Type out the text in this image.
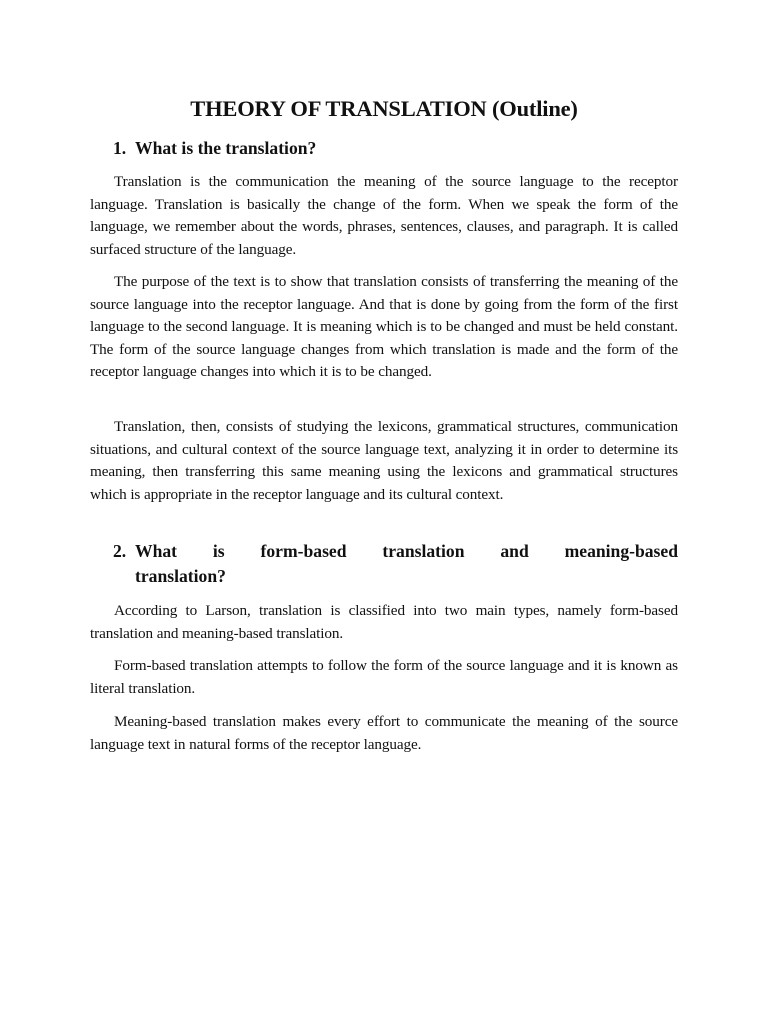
THEORY OF TRANSLATION (Outline)
1. What is the translation?

Translation is the communication the meaning of the source language to the receptor language. Translation is basically the change of the form. When we speak the form of the language, we remember about the words, phrases, sentences, clauses, and paragraph. It is called surfaced structure of the language.

The purpose of the text is to show that translation consists of transferring the meaning of the source language into the receptor language. And that is done by going from the form of the first language to the second language. It is meaning which is to be changed and must be held constant. The form of the source language changes from which translation is made and the form of the receptor language changes into which it is to be changed.

Translation, then, consists of studying the lexicons, grammatical structures, communication situations, and cultural context of the source language text, analyzing it in order to determine its meaning, then transferring this same meaning using the lexicons and grammatical structures which is appropriate in the receptor language and its cultural context.

2. What is form-based translation and meaning-based
translation?

According to Larson, translation is classified into two main types, namely form-based translation and meaning-based translation.

Form-based translation attempts to follow the form of the source language and it is known as literal translation.

Meaning-based translation makes every effort to communicate the meaning of the source language text in natural forms of the receptor language.
